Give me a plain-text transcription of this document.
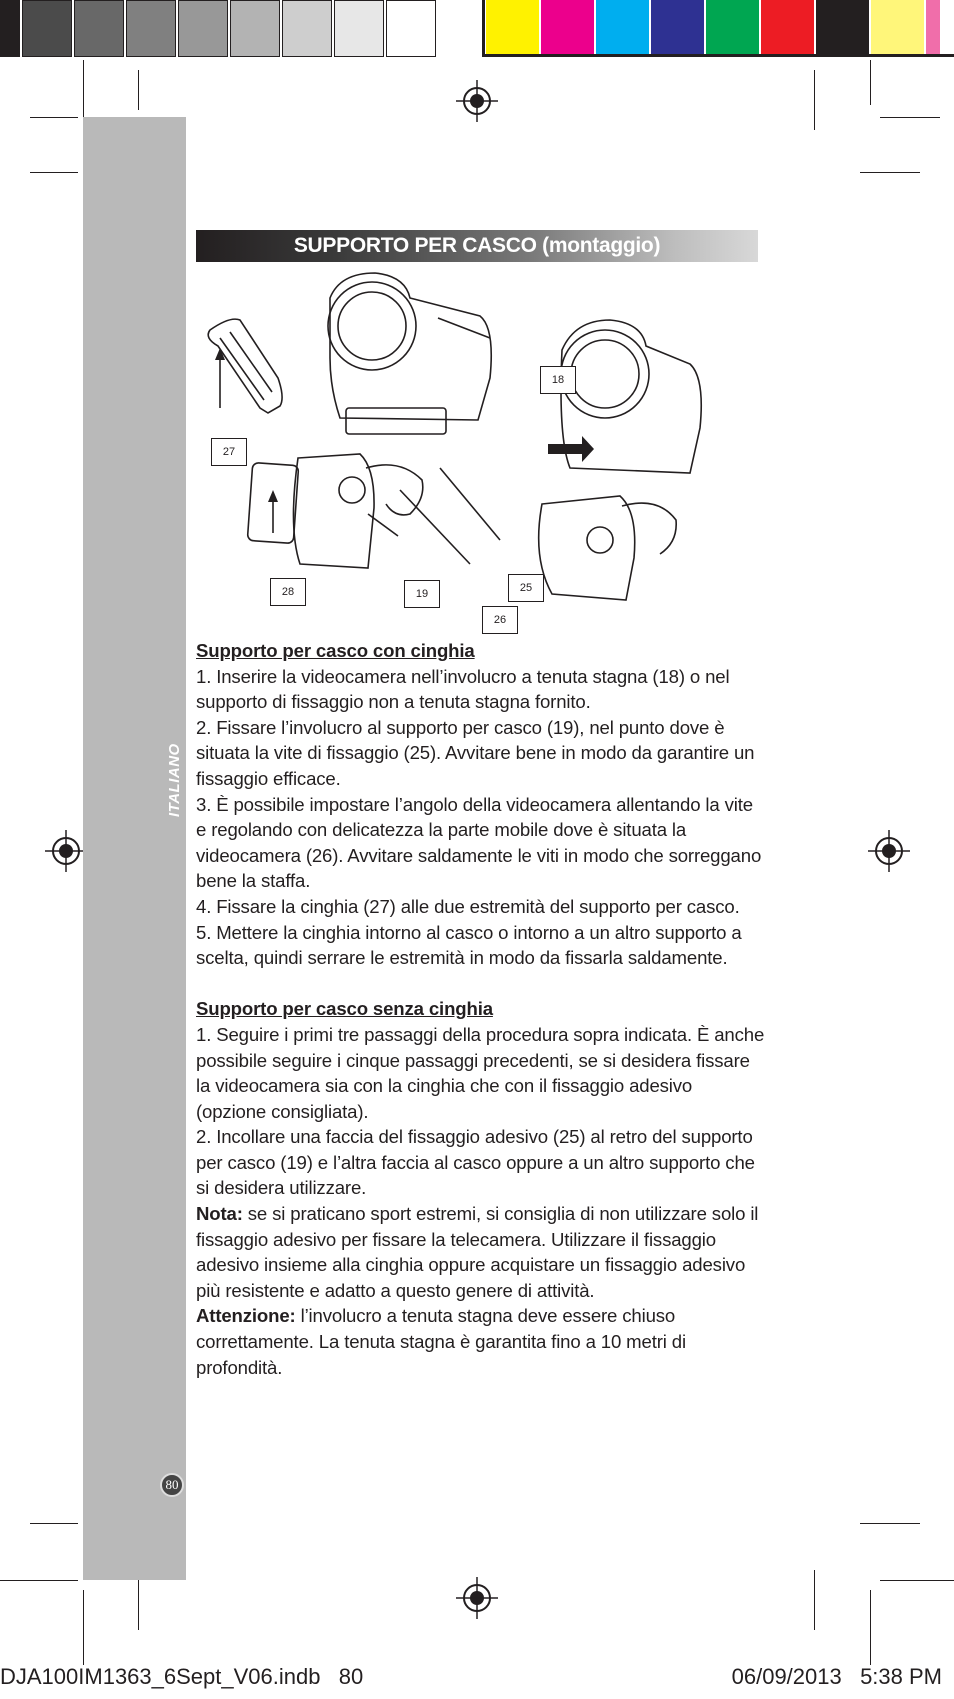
ITALIANO
80
SUPPORTO PER CASCO (montaggio)
18
27
28	19	25
26

Supporto per casco con cinghia

1. Inserire la videocamera nell’involucro a tenuta stagna (18) o nel supporto di fissaggio non a tenuta stagna fornito.

2. Fissare l’involucro al supporto per casco (19), nel punto dove è situata la vite di fissaggio (25). Avvitare bene in modo da garantire un fissaggio efficace.

3. È possibile impostare l’angolo della videocamera allentando la vite e regolando con delicatezza la parte mobile dove è situata la videocamera (26). Avvitare saldamente le viti in modo che sorreggano bene la staffa.

4. Fissare la cinghia (27) alle due estremità del supporto per casco.

5. Mettere la cinghia intorno al casco o intorno a un altro supporto a scelta, quindi serrare le estremità in modo da fissarla saldamente.

Supporto per casco senza cinghia

1. Seguire i primi tre passaggi della procedura sopra indicata. È anche possibile seguire i cinque passaggi precedenti, se si desidera fissare la videocamera sia con la cinghia che con il fissaggio adesivo (opzione consigliata).

2. Incollare una faccia del fissaggio adesivo (25) al retro del supporto per casco (19) e l’altra faccia al casco oppure a un altro supporto che si desidera utilizzare.

Nota: se si praticano sport estremi, si consiglia di non utilizzare solo il fissaggio adesivo per fissare la telecamera. Utilizzare il fissaggio adesivo insieme alla cinghia oppure acquistare un fissaggio adesivo più resistente e adatto a questo genere di attività.

Attenzione: l’involucro a tenuta stagna deve essere chiuso correttamente. La tenuta stagna è garantita fino a 10 metri di profondità.

DJA100IM1363_6Sept_V06.indb   80	06/09/2013   5:38 PM
